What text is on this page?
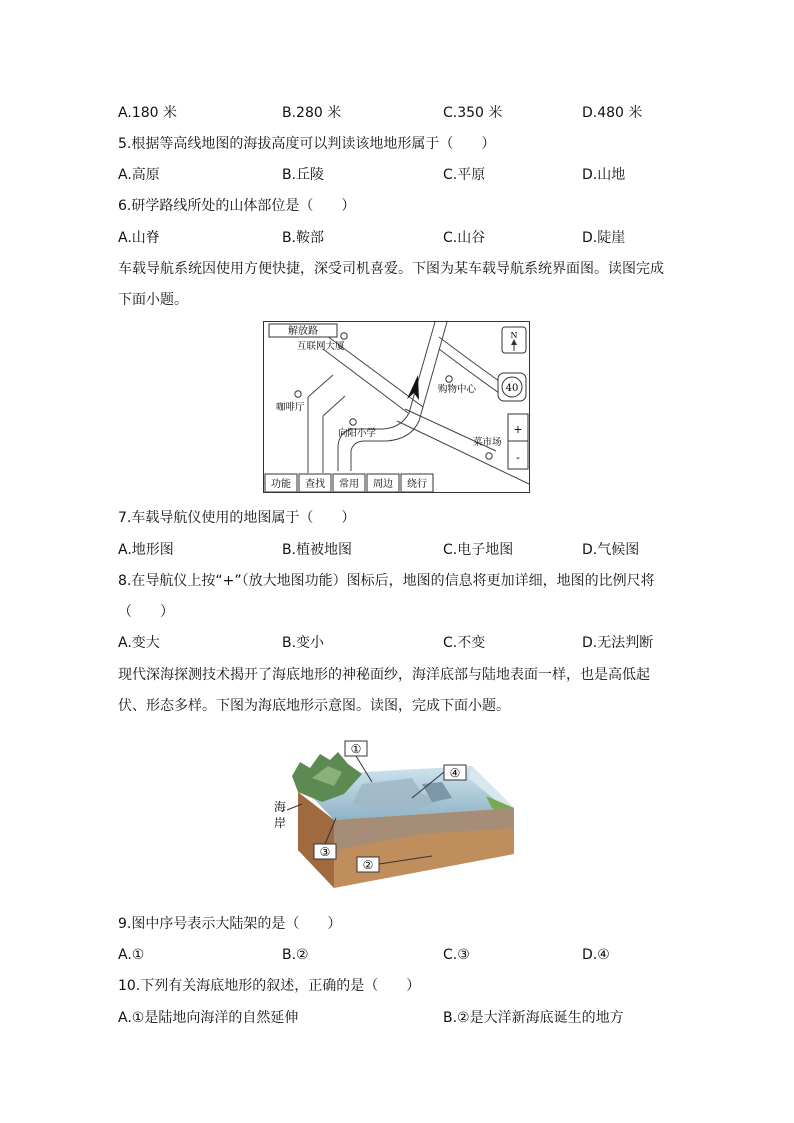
A.180 米	B.280 米	C.350 米	D.480 米
5.根据等高线地图的海拔高度可以判读该地地形属于（　　）
A.高原	B.丘陵	C.平原	D.山地
6.研学路线所处的山体部位是（　　）
A.山脊	B.鞍部	C.山谷	D.陡崖
车载导航系统因使用方便快捷，深受司机喜爱。下图为某车载导航系统界面图。读图完成
下面小题。
解放路
互联网大厦
咖啡厅
向阳小学
购物中心
菜市场
N
40
+
-
功能 查找 常用 周边 绕行
7.车载导航仪使用的地图属于（　　）
A.地形图	B.植被地图	C.电子地图	D.气候图
8.在导航仪上按“+”（放大地图功能）图标后，地图的信息将更加详细，地图的比例尺将
（　　）
A.变大	B.变小	C.不变	D.无法判断
现代深海探测技术揭开了海底地形的神秘面纱，海洋底部与陆地表面一样，也是高低起
伏、形态多样。下图为海底地形示意图。读图，完成下面小题。
①
④
③
②
海
岸
9.图中序号表示大陆架的是（　　）
A.①	B.②	C.③	D.④
10.下列有关海底地形的叙述，正确的是（　　）
A.①是陆地向海洋的自然延伸	B.②是大洋新海底诞生的地方
